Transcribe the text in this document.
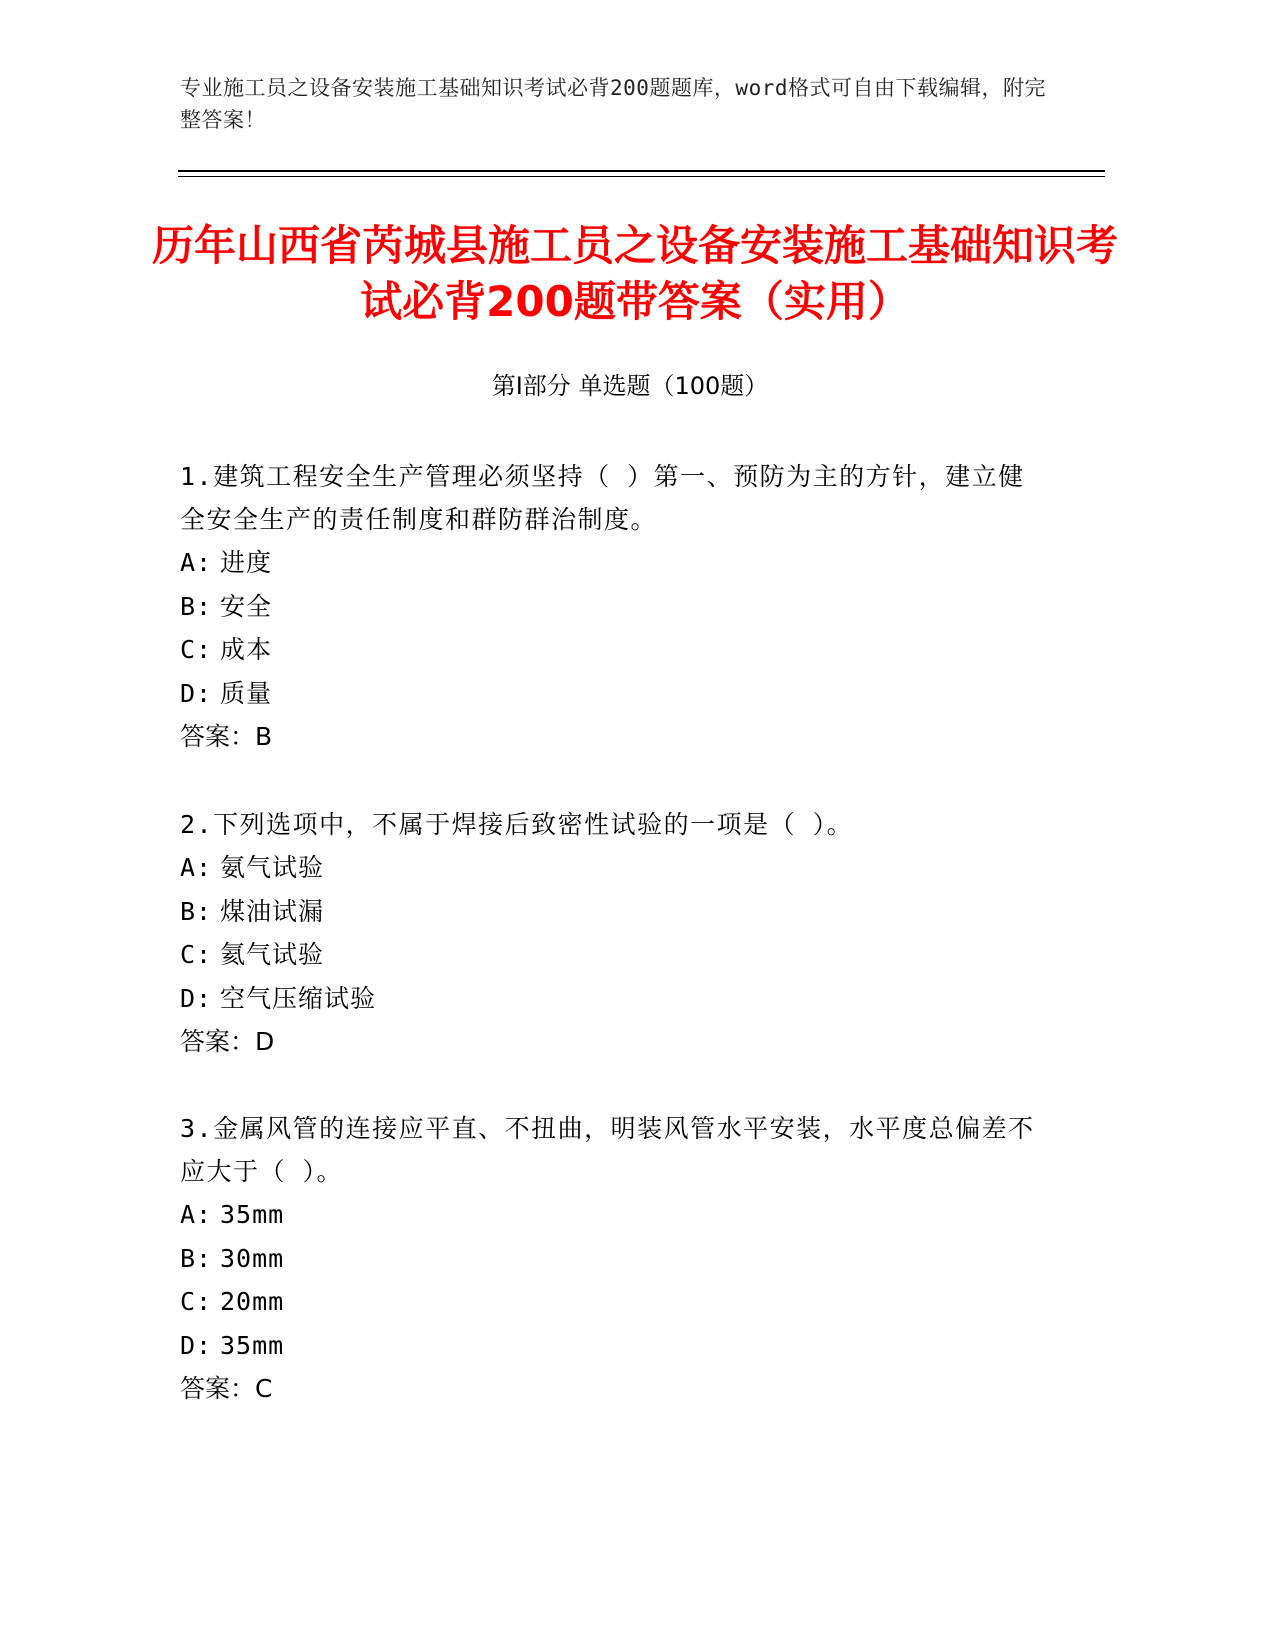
专业施工员之设备安装施工基础知识考试必背200题题库，word格式可自由下载编辑，附完整答案！
历年山西省芮城县施工员之设备安装施工基础知识考试必背200题带答案（实用）
第I部分 单选题（100题）

1.建筑工程安全生产管理必须坚持（ ）第一、预防为主的方针，建立健全安全生产的责任制度和群防群治制度。

A: 进度

B: 安全

C: 成本

D: 质量

答案：B

2.下列选项中，不属于焊接后致密性试验的一项是（ ）。

A: 氨气试验

B: 煤油试漏

C: 氦气试验

D: 空气压缩试验

答案：D

3.金属风管的连接应平直、不扭曲，明装风管水平安装，水平度总偏差不应大于（ ）。

A: 35mm

B: 30mm

C: 20mm

D: 35mm

答案：C
